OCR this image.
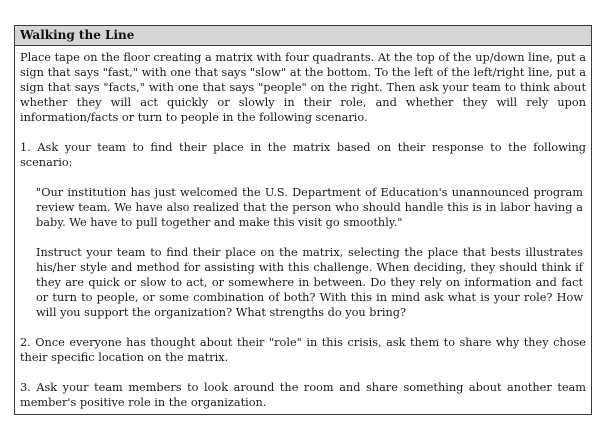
Walking the Line

Place tape on the floor creating a matrix with four quadrants. At the top of the up/down line, put a sign that says "fast," with one that says "slow" at the bottom. To the left of the left/right line, put a sign that says "facts," with one that says "people" on the right. Then ask your team to think about whether they will act quickly or slowly in their role, and whether they will rely upon information/facts or turn to people in the following scenario.

1. Ask your team to find their place in the matrix based on their response to the following scenario:

"Our institution has just welcomed the U.S. Department of Education's unannounced program review team. We have also realized that the person who should handle this is in labor having a baby. We have to pull together and make this visit go smoothly."

Instruct your team to find their place on the matrix, selecting the place that bests illustrates his/her style and method for assisting with this challenge. When deciding, they should think if they are quick or slow to act, or somewhere in between. Do they rely on information and fact or turn to people, or some combination of both? With this in mind ask what is your role? How will you support the organization? What strengths do you bring?

2. Once everyone has thought about their "role" in this crisis, ask them to share why they chose their specific location on the matrix.

3. Ask your team members to look around the room and share something about another team member's positive role in the organization.
